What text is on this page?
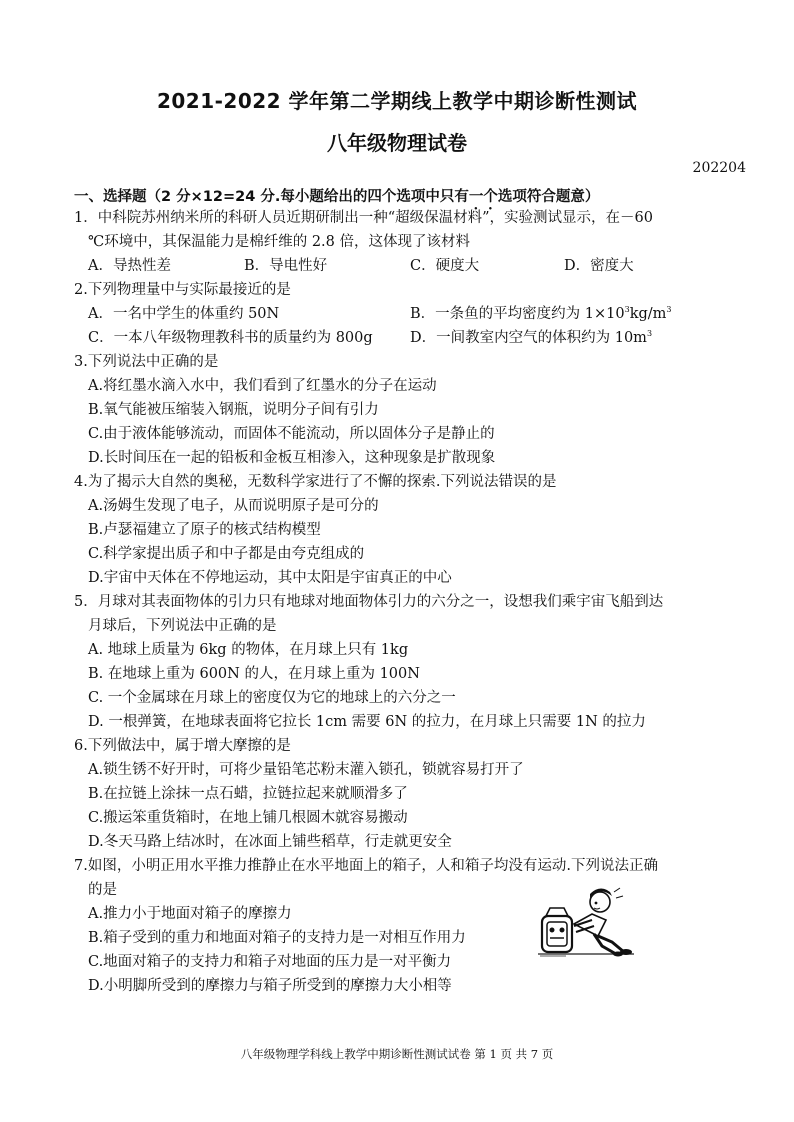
2021-2022 学年第二学期线上教学中期诊断性测试
八年级物理试卷
202204
一、选择题（2 分×12=24 分.每小题给出的四个选项中只有一个选项符合题意）
1．中科院苏州纳米所的科研人员近期研制出一种“超级保温材料”，实验测试显示，在－60
℃环境中，其保温能力是棉纤维的 2.8 倍，这体现了该材料
A．导热性差	B．导电性好	C．硬度大	D．密度大
2.下列物理量中与实际最接近的是
A．一名中学生的体重约 50N	B．一条鱼的平均密度约为 $1\times 10^3kg/m^3$
C．一本八年级物理教科书的质量约为 800g	D．一间教室内空气的体积约为 $10m^3$
3.下列说法中正确的是
A.将红墨水滴入水中，我们看到了红墨水的分子在运动
B.氧气能被压缩装入钢瓶，说明分子间有引力
C.由于液体能够流动，而固体不能流动，所以固体分子是静止的
D.长时间压在一起的铅板和金板互相渗入，这种现象是扩散现象
4.为了揭示大自然的奥秘，无数科学家进行了不懈的探索.下列说法错误的是
A.汤姆生发现了电子，从而说明原子是可分的
B.卢瑟福建立了原子的核式结构模型
C.科学家提出质子和中子都是由夸克组成的
D.宇宙中天体在不停地运动，其中太阳是宇宙真正的中心
5．月球对其表面物体的引力只有地球对地面物体引力的六分之一，设想我们乘宇宙飞船到达
月球后，下列说法中正确的是
A. 地球上质量为 6kg 的物体，在月球上只有 1kg
B. 在地球上重为 600N 的人，在月球上重为 100N
C. 一个金属球在月球上的密度仅为它的地球上的六分之一
D. 一根弹簧，在地球表面将它拉长 1cm 需要 6N 的拉力，在月球上只需要 1N 的拉力
6.下列做法中，属于增大摩擦的是
A.锁生锈不好开时，可将少量铅笔芯粉末灌入锁孔，锁就容易打开了
B.在拉链上涂抹一点石蜡，拉链拉起来就顺滑多了
C.搬运笨重货箱时，在地上铺几根圆木就容易搬动
D.冬天马路上结冰时，在冰面上铺些稻草，行走就更安全
7.如图，小明正用水平推力推静止在水平地面上的箱子，人和箱子均没有运动.下列说法正确
的是
A.推力小于地面对箱子的摩擦力
B.箱子受到的重力和地面对箱子的支持力是一对相互作用力
C.地面对箱子的支持力和箱子对地面的压力是一对平衡力
D.小明脚所受到的摩擦力与箱子所受到的摩擦力大小相等
八年级物理学科线上教学中期诊断性测试试卷 第 1 页 共 7 页
